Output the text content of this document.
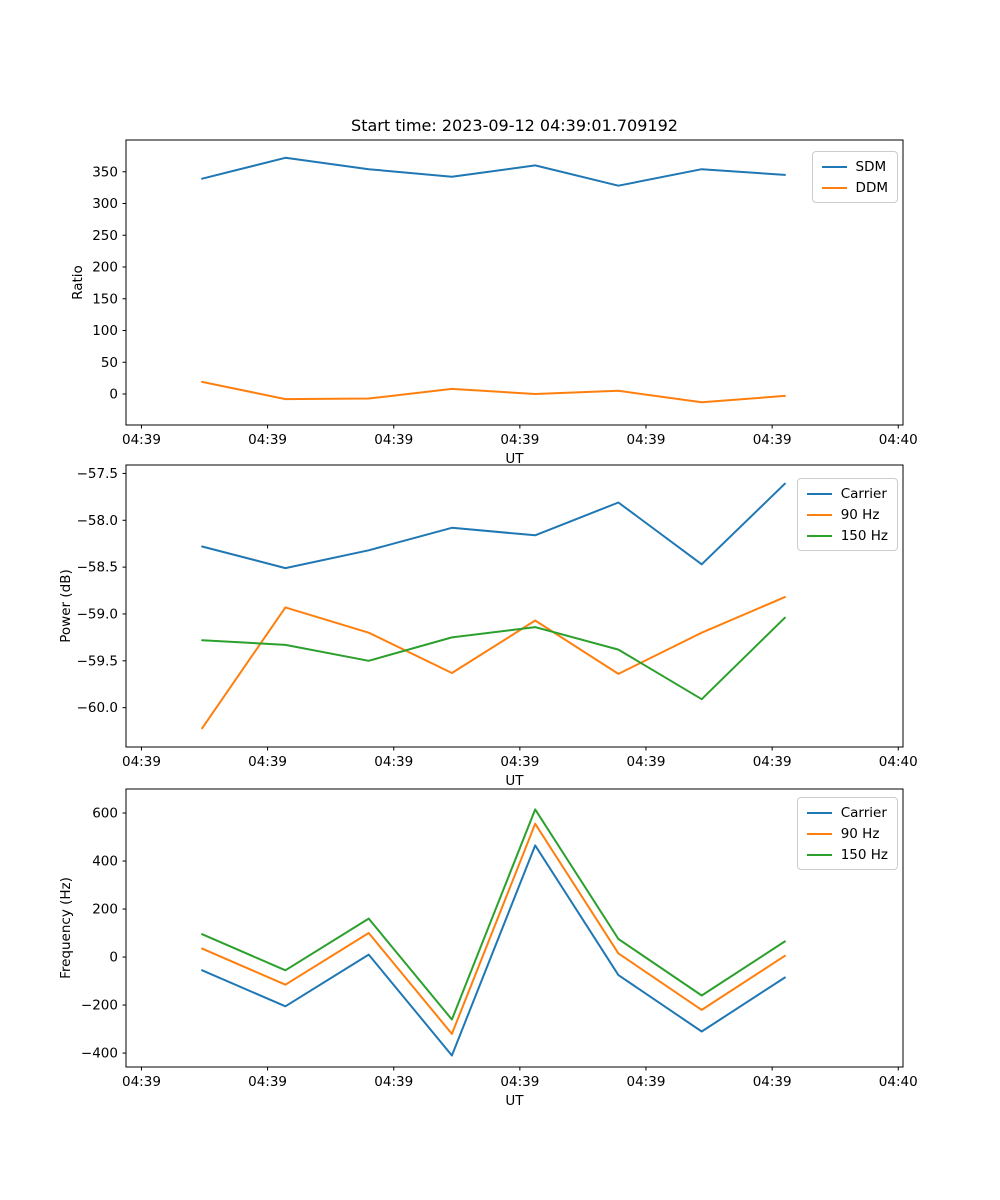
Start time: 2023-09-12 04:39:01.709192
04:39	04:39	04:39	04:39	04:39	04:39	04:40
0
50
100
150
200
250
300
350
UT
Ratio
04:39	04:39	04:39	04:39	04:39	04:39	04:40
−57.5
−58.0
−58.5
−59.0
−59.5
−60.0
UT
Power (dB)
04:39	04:39	04:39	04:39	04:39	04:39	04:40
600
400
200
0
−200
−400
UT
Frequency (Hz)
SDM
DDM
Carrier
90 Hz
150 Hz
Carrier
90 Hz
150 Hz
